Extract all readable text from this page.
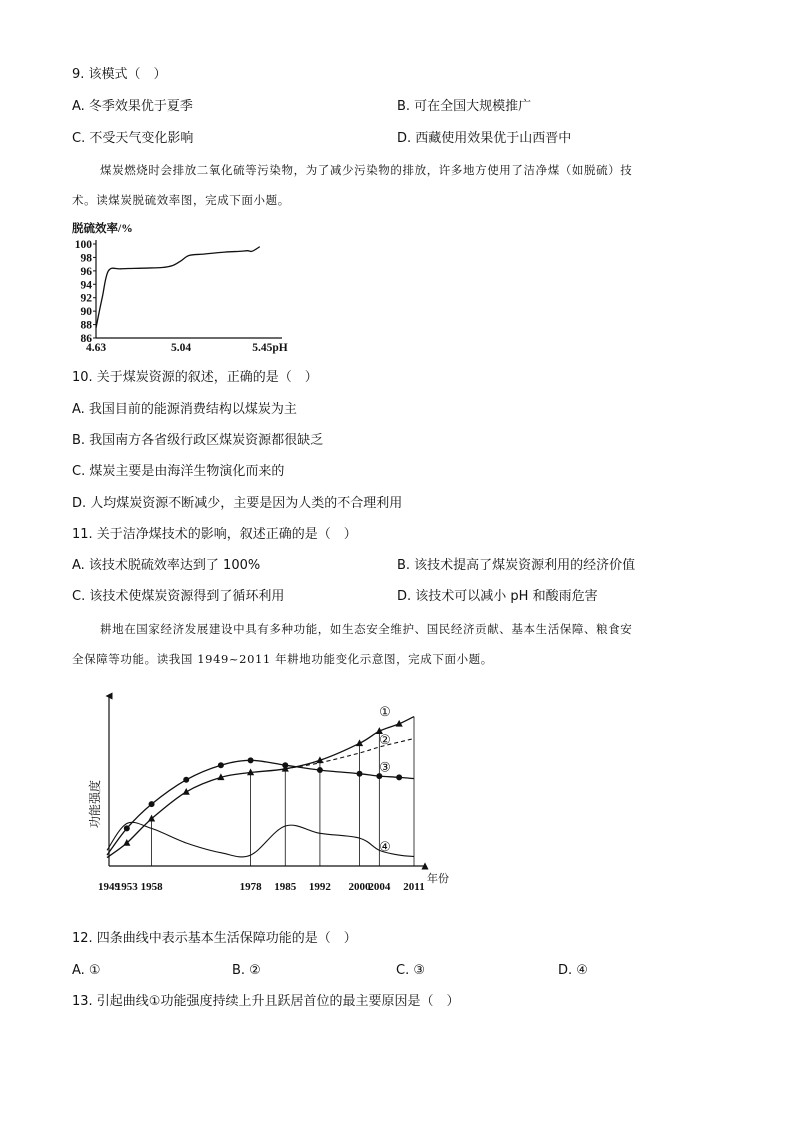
9. 该模式（　）
A. 冬季效果优于夏季	B. 可在全国大规模推广
C. 不受天气变化影响	D. 西藏使用效果优于山西晋中
煤炭燃烧时会排放二氧化硫等污染物，为了减少污染物的排放，许多地方使用了洁净煤（如脱硫）技
术。读煤炭脱硫效率图，完成下面小题。
脱硫效率/%
100
98
96
94
92
90
88
86
4.63	5.04	5.45pH
10. 关于煤炭资源的叙述，正确的是（　）
A. 我国目前的能源消费结构以煤炭为主
B. 我国南方各省级行政区煤炭资源都很缺乏
C. 煤炭主要是由海洋生物演化而来的
D. 人均煤炭资源不断减少，主要是因为人类的不合理利用
11. 关于洁净煤技术的影响，叙述正确的是（　）
A. 该技术脱硫效率达到了 100%	B. 该技术提高了煤炭资源利用的经济价值
C. 该技术使煤炭资源得到了循环利用	D. 该技术可以减小 pH 和酸雨危害
耕地在国家经济发展建设中具有多种功能，如生态安全维护、国民经济贡献、基本生活保障、粮食安
全保障等功能。读我国 1949~2011 年耕地功能变化示意图，完成下面小题。
功能强度
年份
1949
1953 1958	1978 1985 1992 2000
2004 2011
①
②
③
④
12. 四条曲线中表示基本生活保障功能的是（　）
A. ①	B. ②	C. ③	D. ④
13. 引起曲线①功能强度持续上升且跃居首位的最主要原因是（　）
